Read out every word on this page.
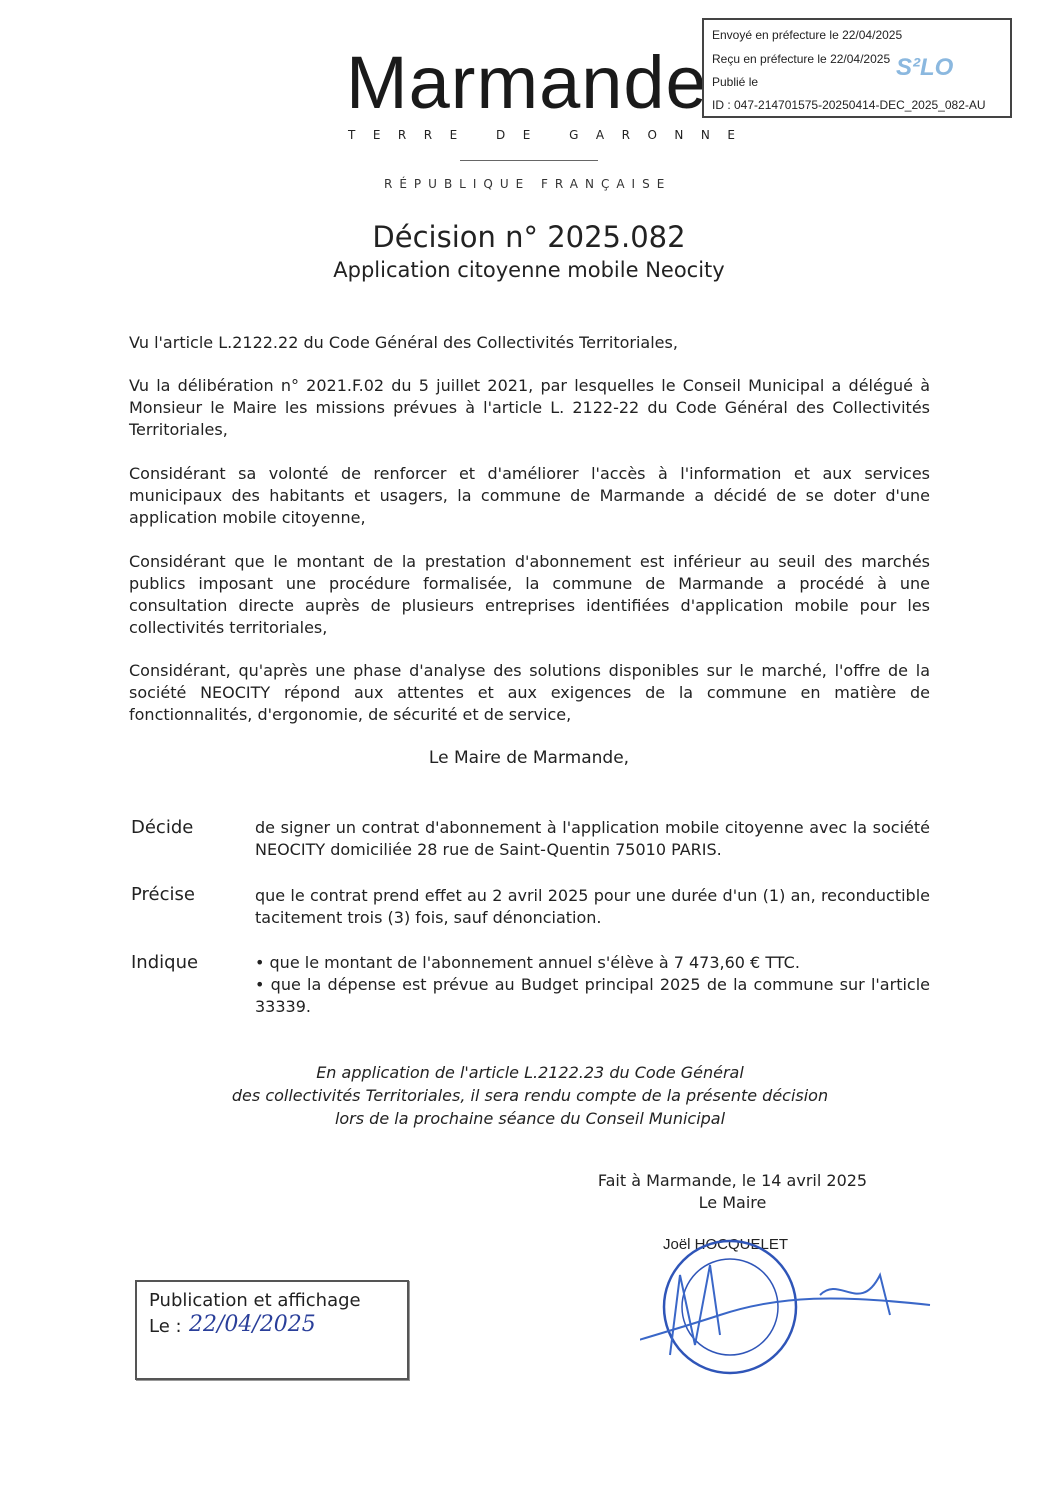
Marmande
TERRE DE GARONNE
RÉPUBLIQUE FRANÇAISE
Envoyé en préfecture le 22/04/2025
Reçu en préfecture le 22/04/2025
Publié le
ID : 047-214701575-20250414-DEC_2025_082-AU
S²LO
Décision n° 2025.082
Application citoyenne mobile Neocity
Vu l'article L.2122.22 du Code Général des Collectivités Territoriales,
Vu la délibération n° 2021.F.02 du 5 juillet 2021, par lesquelles le Conseil Municipal a délégué à Monsieur le Maire les missions prévues à l'article L. 2122-22 du Code Général des Collectivités Territoriales,
Considérant sa volonté de renforcer et d'améliorer l'accès à l'information et aux services municipaux des habitants et usagers, la commune de Marmande a décidé de se doter d'une application mobile citoyenne,
Considérant que le montant de la prestation d'abonnement est inférieur au seuil des marchés publics imposant une procédure formalisée, la commune de Marmande a procédé à une consultation directe auprès de plusieurs entreprises identifiées d'application mobile pour les collectivités territoriales,
Considérant, qu'après une phase d'analyse des solutions disponibles sur le marché, l'offre de la société NEOCITY répond aux attentes et aux exigences de la commune en matière de fonctionnalités, d'ergonomie, de sécurité et de service,
Le Maire de Marmande,
Décide	de signer un contrat d'abonnement à l'application mobile citoyenne avec la société NEOCITY domiciliée 28 rue de Saint-Quentin 75010 PARIS.
Précise	que le contrat prend effet au 2 avril 2025 pour une durée d'un (1) an, reconductible tacitement trois (3) fois, sauf dénonciation.
Indique	• que le montant de l'abonnement annuel s'élève à 7 473,60 € TTC.
• que la dépense est prévue au Budget principal 2025 de la commune sur l'article 33339.
En application de l'article L.2122.23 du Code Général
des collectivités Territoriales, il sera rendu compte de la présente décision
lors de la prochaine séance du Conseil Municipal
Fait à Marmande, le 14 avril 2025
Le Maire
Joël HOCQUELET
Publication et affichage
Le : 22/04/2025
